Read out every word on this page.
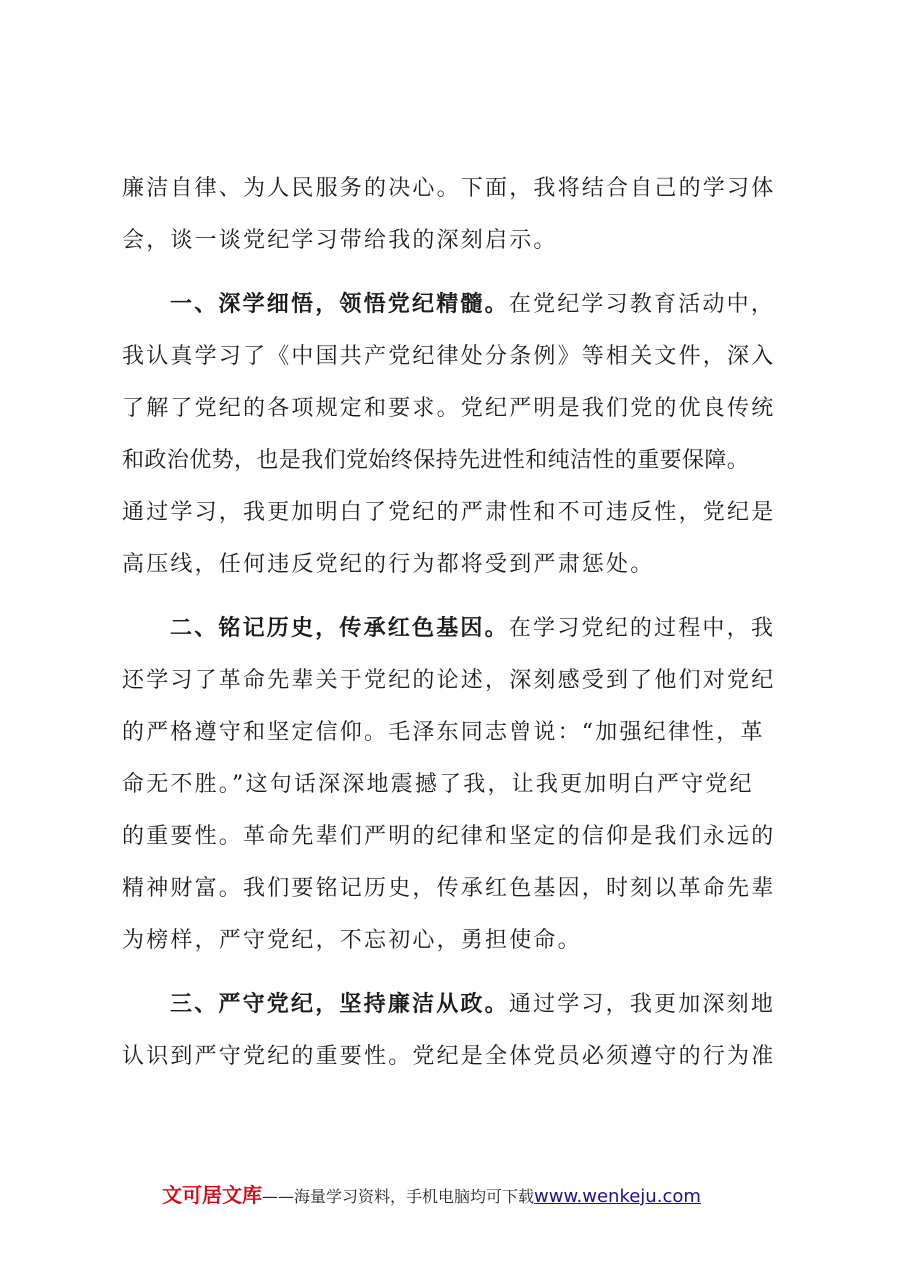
廉洁自律、为人民服务的决心。下面，我将结合自己的学习体
会，谈一谈党纪学习带给我的深刻启示。
一、深学细悟，领悟党纪精髓。在党纪学习教育活动中，
我认真学习了《中国共产党纪律处分条例》等相关文件，深入
了解了党纪的各项规定和要求。党纪严明是我们党的优良传统
和政治优势，也是我们党始终保持先进性和纯洁性的重要保障。
通过学习，我更加明白了党纪的严肃性和不可违反性，党纪是
高压线，任何违反党纪的行为都将受到严肃惩处。
二、铭记历史，传承红色基因。在学习党纪的过程中，我
还学习了革命先辈关于党纪的论述，深刻感受到了他们对党纪
的严格遵守和坚定信仰。毛泽东同志曾说：“加强纪律性，革
命无不胜。”这句话深深地震撼了我，让我更加明白严守党纪
的重要性。革命先辈们严明的纪律和坚定的信仰是我们永远的
精神财富。我们要铭记历史，传承红色基因，时刻以革命先辈
为榜样，严守党纪，不忘初心，勇担使命。
三、严守党纪，坚持廉洁从政。通过学习，我更加深刻地
认识到严守党纪的重要性。党纪是全体党员必须遵守的行为准
文可居文库——海量学习资料，手机电脑均可下载www.wenkeju.com
